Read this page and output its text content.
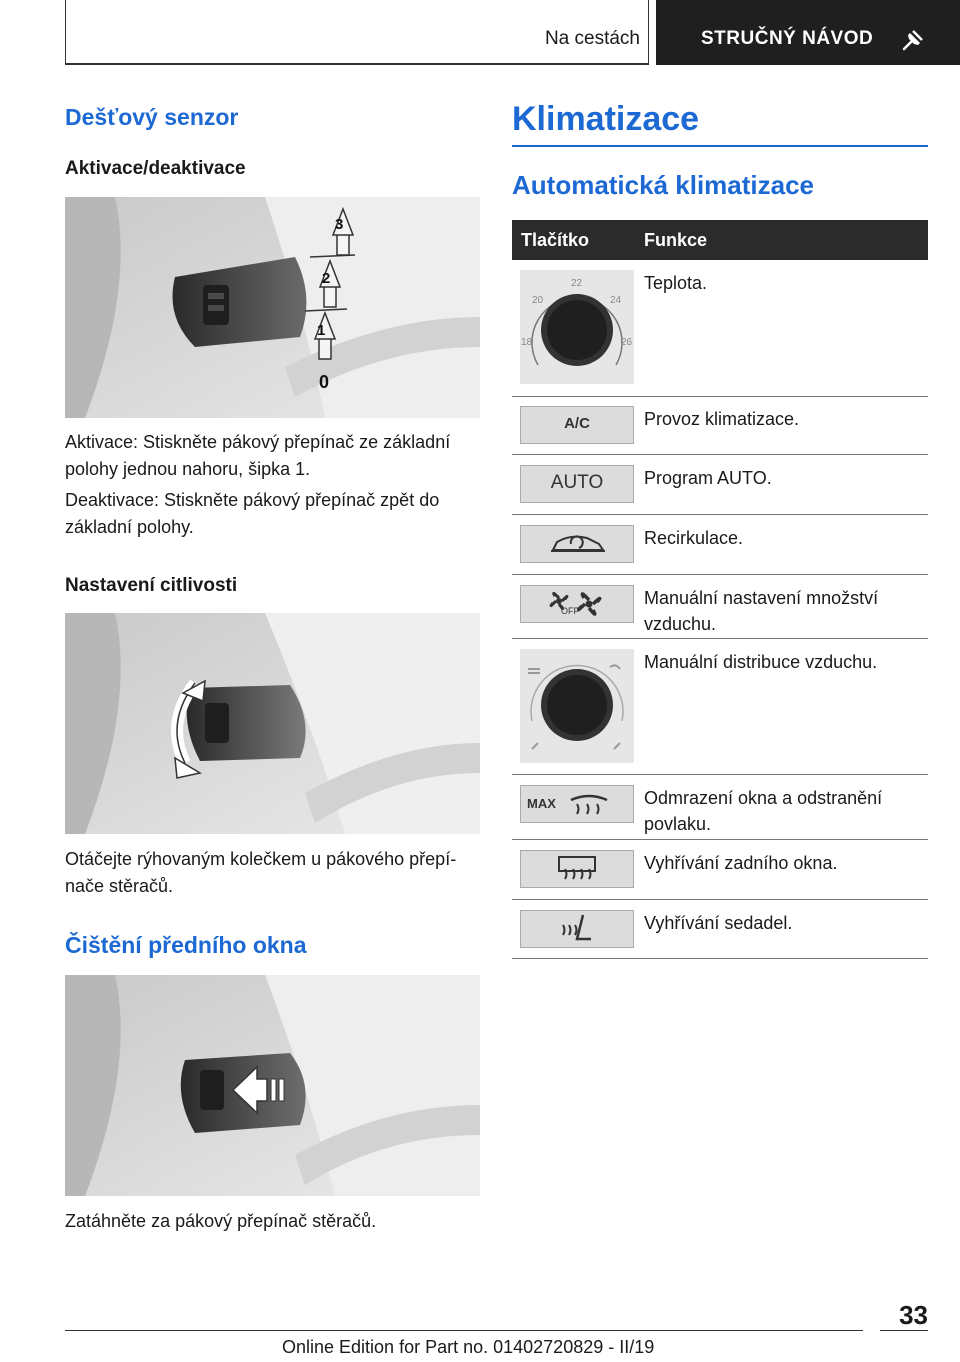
Na cestách	STRUČNÝ NÁVOD
Dešťový senzor
Aktivace/deaktivace
3
2
1
0
Aktivace: Stiskněte pákový přepínač ze základní polohy jednou nahoru, šipka 1.
Deaktivace: Stiskněte pákový přepínač zpět do základní polohy.
Nastavení citlivosti
Otáčejte rýhovaným kolečkem u pákového přepínače stěračů.
Čištění předního okna
Zatáhněte za pákový přepínač stěračů.
Klimatizace
Automatická klimatizace
Tlačítko	Funkce
22
20	24
18	26
Teplota.
A/C	Provoz klimatizace.
AUTO	Program AUTO.
Recirkulace.
OFF
Manuální nastavení množství vzduchu.
Manuální distribuce vzduchu.
MAX	Odmrazení okna a odstranění povlaku.
Vyhřívání zadního okna.
Vyhřívání sedadel.
33
Online Edition for Part no. 01402720829 - II/19
